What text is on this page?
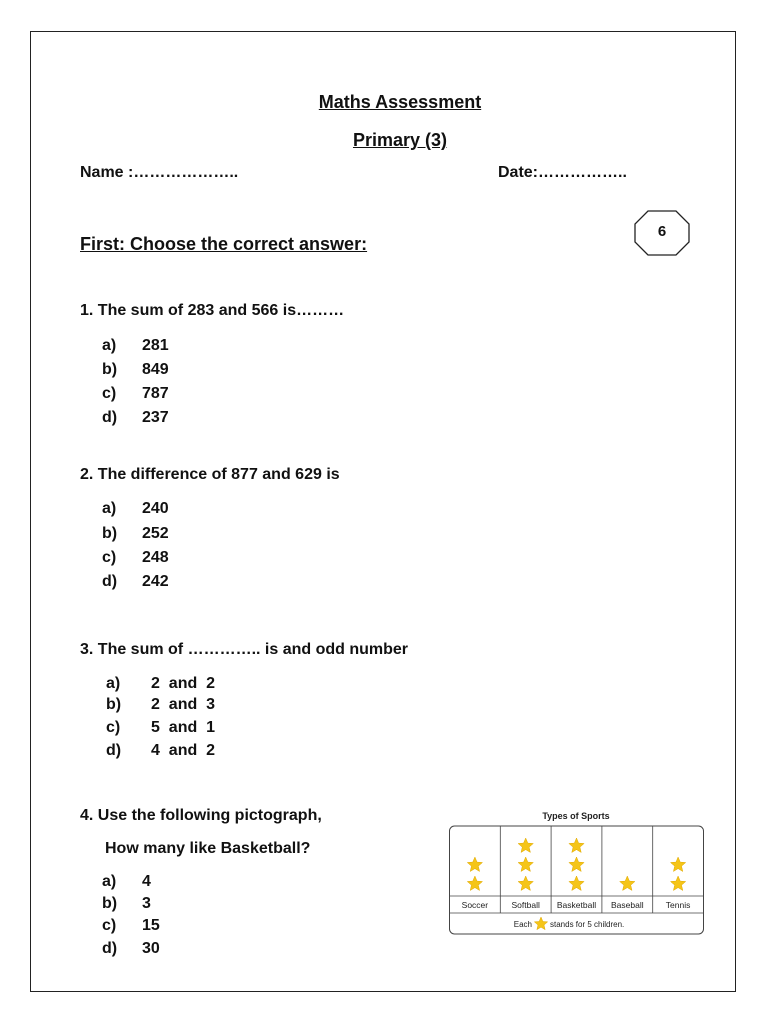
Maths Assessment
Primary (3)
Name :………………..	Date:……………..
6
First: Choose the correct answer:
1. The sum of 283 and 566 is………
a) 281
b) 849
c) 787
d) 237
2. The difference of 877 and 629 is
a) 240
b) 252
c) 248
d) 242
3. The sum of ………….. is and odd number
a) 2  and  2
b) 2  and  3
c) 5  and  1
d) 4  and  2
4. Use the following pictograph,
How many like Basketball?
a) 4
b) 3
c) 15
d) 30
Types of Sports
Soccer	Softball Basketball Baseball	Tennis
Each stands for 5 children.
